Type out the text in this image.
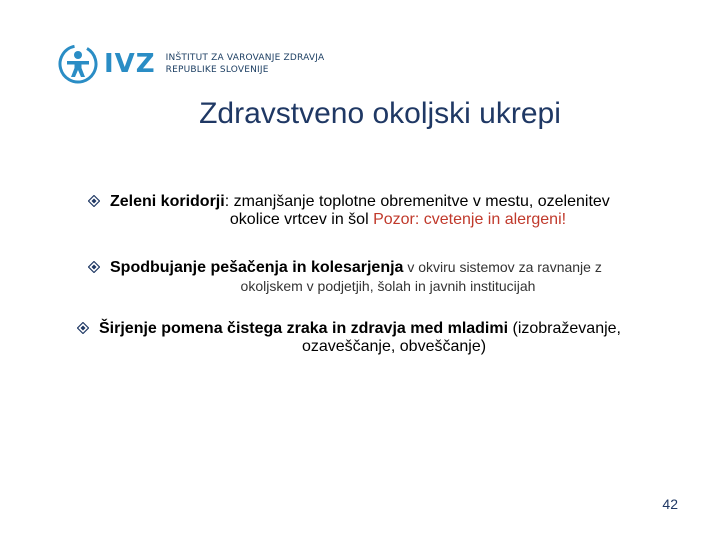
IVZ INŠTITUT ZA VAROVANJE ZDRAVJA
REPUBLIKE SLOVENIJE
Zdravstveno okoljski ukrepi
Zeleni koridorji: zmanjšanje toplotne obremenitve v mestu, ozelenitev
okolice vrtcev in šol Pozor: cvetenje in alergeni!
Spodbujanje pešačenja in kolesarjenja v okviru sistemov za ravnanje z
okoljskem v podjetjih, šolah in javnih institucijah
Širjenje pomena čistega zraka in zdravja med mladimi (izobraževanje,
ozaveščanje, obveščanje)
42
